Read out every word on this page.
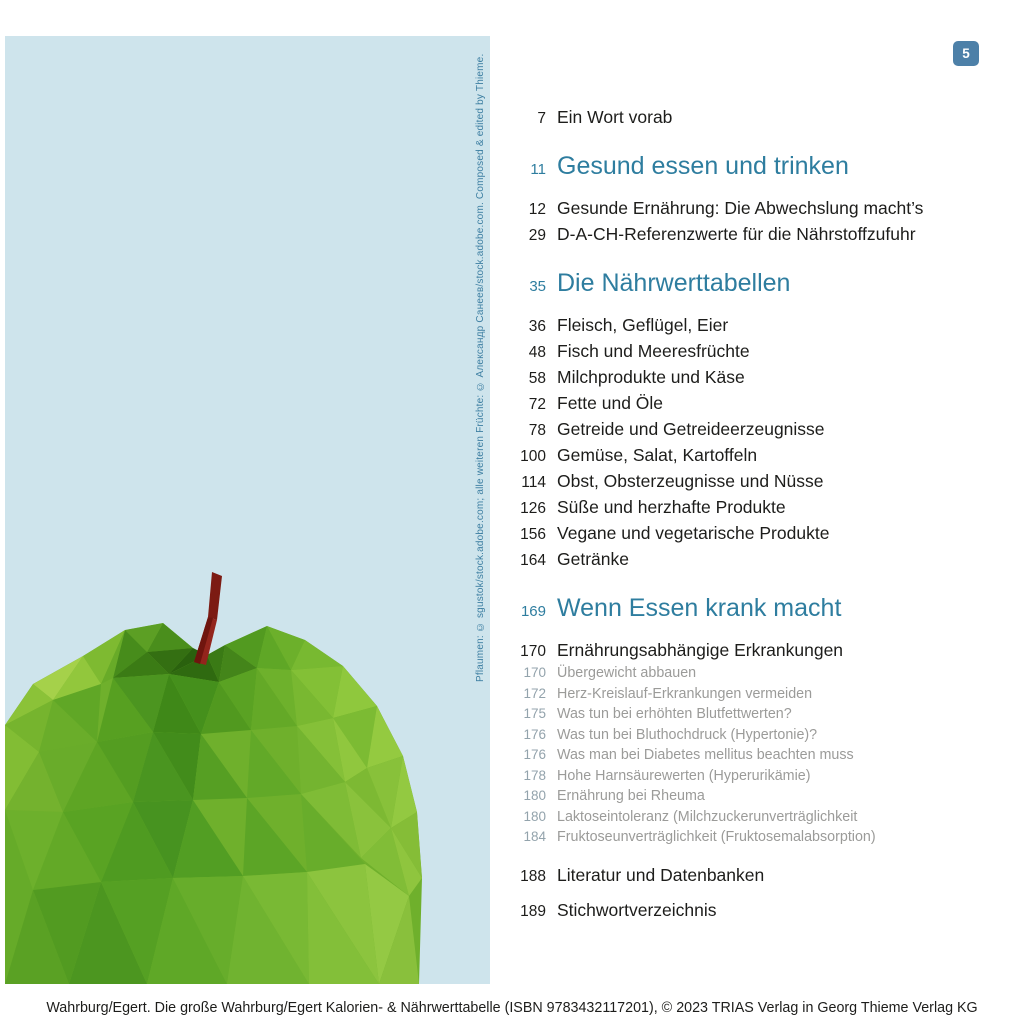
Pflaumen: © sgustok/stock.adobe.com; alle weiteren Früchte: © Александр Санеев/stock.adobe.com. Composed & edited by Thieme.
5
7 Ein Wort vorab
11 Gesund essen und trinken
12 Gesunde Ernährung: Die Abwechslung macht’s
29 D-A-CH-Referenzwerte für die Nährstoffzufuhr
35 Die Nährwerttabellen
36 Fleisch, Geflügel, Eier
48 Fisch und Meeresfrüchte
58 Milchprodukte und Käse
72 Fette und Öle
78 Getreide und Getreideerzeugnisse
100 Gemüse, Salat, Kartoffeln
114 Obst, Obsterzeugnisse und Nüsse
126 Süße und herzhafte Produkte
156 Vegane und vegetarische Produkte
164 Getränke
169 Wenn Essen krank macht
170 Ernährungsabhängige Erkrankungen
170 Übergewicht abbauen
172 Herz-Kreislauf-Erkrankungen vermeiden
175 Was tun bei erhöhten Blutfettwerten?
176 Was tun bei Bluthochdruck (Hypertonie)?
176 Was man bei Diabetes mellitus beachten muss
178 Hohe Harnsäurewerten (Hyperurikämie)
180 Ernährung bei Rheuma
180 Laktoseintoleranz (Milchzuckerunverträglichkeit
184 Fruktoseunverträglichkeit (Fruktosemalabsorption)
188 Literatur und Datenbanken
189 Stichwortverzeichnis
Wahrburg/Egert. Die große Wahrburg/Egert Kalorien- & Nährwerttabelle (ISBN 9783432117201), © 2023 TRIAS Verlag in Georg Thieme Verlag KG
